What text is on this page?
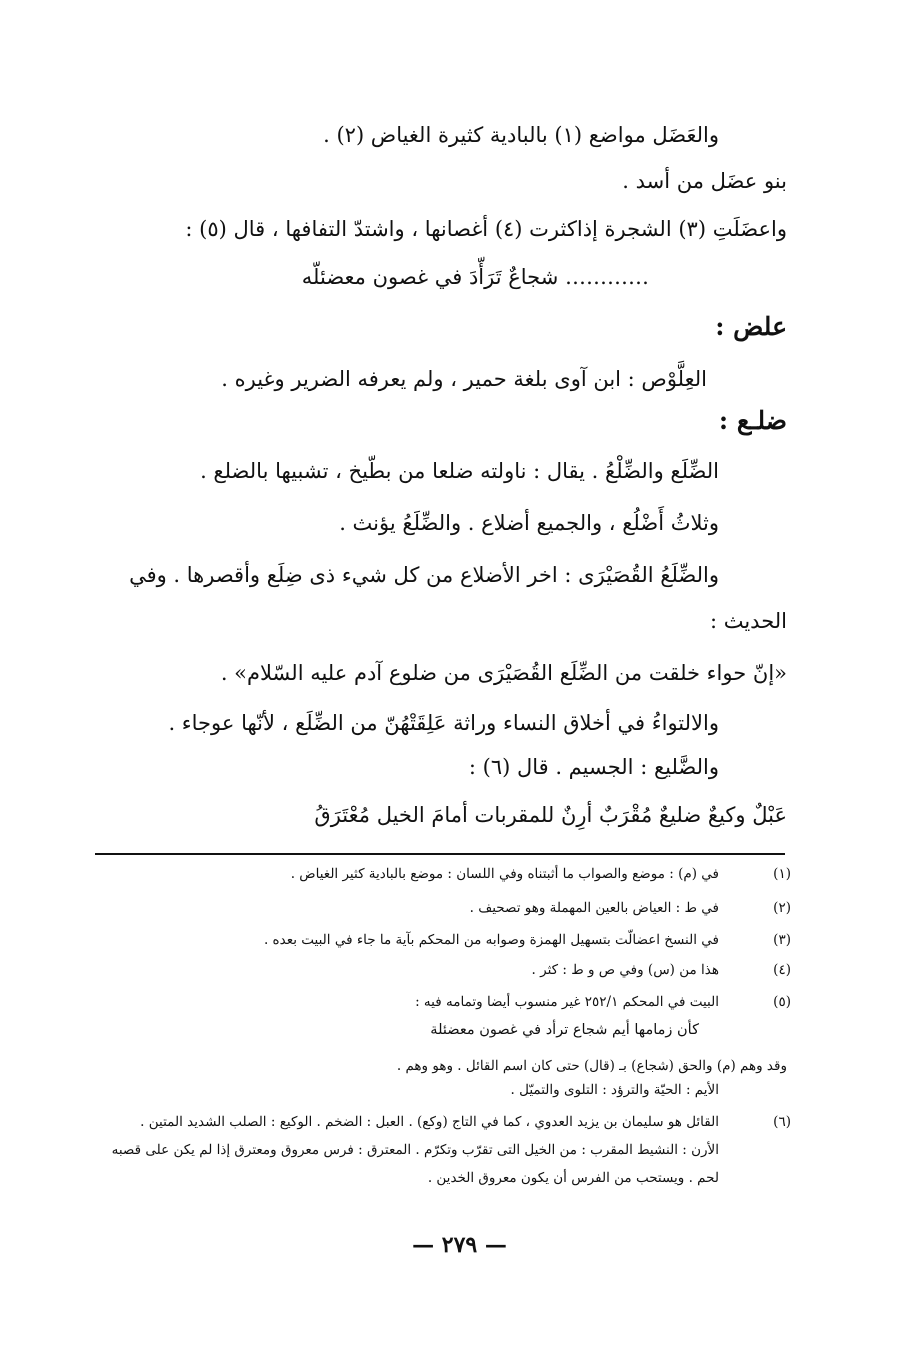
والعَضَل مواضع (١) بالبادية كثيرة الغياض (٢) .
بنو عضَل من أسد .
واعضَلَتِ (٣) الشجرة إذاكثرت (٤) أغصانها ، واشتدّ التفافها ، قال (٥) :
………… شجاعٌ تَرَأّدَ في غصون معضئلّه
علض :
العِلَّوْص : ابن آوى بلغة حمير ، ولم يعرفه الضرير وغيره .
ضلـع :
الضِّلَع والضِّلْعُ . يقال : ناولته ضلعا من بطّيخ ، تشبيها بالضلع .
وثلاثُ أَضْلُع ، والجميع أضلاع . والضِّلَعُ يؤنث .
والضِّلَعُ القُصَيْرَى : اخر الأضلاع من كل شيء ذى ضِلَع وأقصرها . وفي
الحديث :
«إنّ حواء خلقت من الضِّلَع القُصَيْرَى من ضلوع آدم عليه السّلام» .
والالتواءُ في أخلاق النساء وراثة عَلِقَتْهُنّ من الضِّلَع ، لأنّها عوجاء .
والضَّليع : الجسيم . قال (٦) :
عَبْلٌ وكيعٌ ضليعٌ مُقْرَبٌ أرِنٌ للمقربات أمامَ الخيل مُعْتَرَقُ
(١)
في (م) : موضع والصواب ما أثبتناه وفي اللسان : موضع بالبادية كثير الغياض .
(٢)
في ط : العياض بالعين المهملة وهو تصحيف .
(٣)
في النسخ اعضالّت بتسهيل الهمزة وصوابه من المحكم بآية ما جاء في البيت بعده .
(٤)
هذا من (س) وفي ص و ط : كثر .
(٥)
البيت في المحكم ٢٥٢/١ غير منسوب أيضا وتمامه فيه :
كأن زمامها أيم شجاع ترأد في غصون معضئلة
وقد وهم (م) والحق (شجاع) بـ (قال) حتى كان اسم القائل . وهو وهم .
الأيم : الحيّة والترؤد : التلوى والتميّل .
(٦)
القائل هو سليمان بن يزيد العدوي ، كما في التاج (وكع) . العبل : الضخم . الوكيع : الصلب الشديد المتين .
الأرن : النشيط المقرب : من الخيل التى تقرّب وتكرّم . المعترق : فرس معروق ومعترق إذا لم يكن على قصبه
لحم . ويستحب من الفرس أن يكون معروق الخدين .
— ٢٧٩ —
